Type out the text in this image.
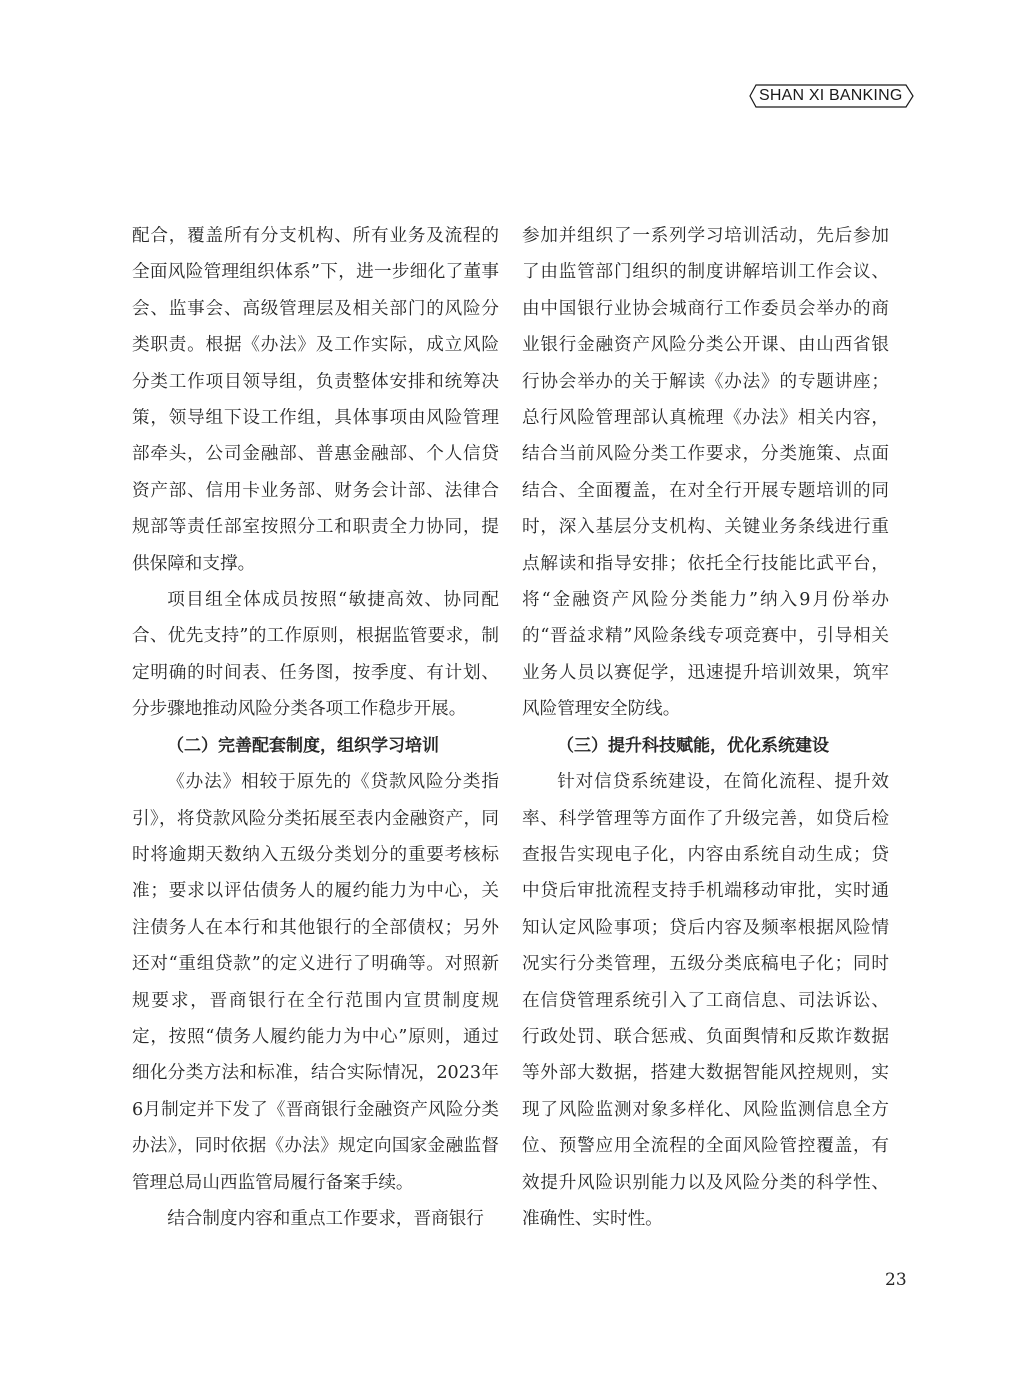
SHAN XI BANKING

配合，覆盖所有分支机构、所有业务及流程的全面风险管理组织体系”下，进一步细化了董事会、监事会、高级管理层及相关部门的风险分类职责。根据《办法》及工作实际，成立风险分类工作项目领导组，负责整体安排和统筹决策，领导组下设工作组，具体事项由风险管理部牵头，公司金融部、普惠金融部、个人信贷资产部、信用卡业务部、财务会计部、法律合规部等责任部室按照分工和职责全力协同，提供保障和支撑。

项目组全体成员按照“敏捷高效、协同配合、优先支持”的工作原则，根据监管要求，制定明确的时间表、任务图，按季度、有计划、分步骤地推动风险分类各项工作稳步开展。

（二）完善配套制度，组织学习培训

《办法》相较于原先的《贷款风险分类指引》，将贷款风险分类拓展至表内金融资产，同时将逾期天数纳入五级分类划分的重要考核标准；要求以评估债务人的履约能力为中心，关注债务人在本行和其他银行的全部债权；另外还对“重组贷款”的定义进行了明确等。对照新规要求，晋商银行在全行范围内宣贯制度规定，按照“债务人履约能力为中心”原则，通过细化分类方法和标准，结合实际情况，2023年6月制定并下发了《晋商银行金融资产风险分类办法》，同时依据《办法》规定向国家金融监督管理总局山西监管局履行备案手续。

结合制度内容和重点工作要求，晋商银行

参加并组织了一系列学习培训活动，先后参加了由监管部门组织的制度讲解培训工作会议、由中国银行业协会城商行工作委员会举办的商业银行金融资产风险分类公开课、由山西省银行协会举办的关于解读《办法》的专题讲座；总行风险管理部认真梳理《办法》相关内容，结合当前风险分类工作要求，分类施策、点面结合、全面覆盖，在对全行开展专题培训的同时，深入基层分支机构、关键业务条线进行重点解读和指导安排；依托全行技能比武平台，将“金融资产风险分类能力”纳入9月份举办的“晋益求精”风险条线专项竞赛中，引导相关业务人员以赛促学，迅速提升培训效果，筑牢风险管理安全防线。

（三）提升科技赋能，优化系统建设

针对信贷系统建设，在简化流程、提升效率、科学管理等方面作了升级完善，如贷后检查报告实现电子化，内容由系统自动生成；贷中贷后审批流程支持手机端移动审批，实时通知认定风险事项；贷后内容及频率根据风险情况实行分类管理，五级分类底稿电子化；同时在信贷管理系统引入了工商信息、司法诉讼、行政处罚、联合惩戒、负面舆情和反欺诈数据等外部大数据，搭建大数据智能风控规则，实现了风险监测对象多样化、风险监测信息全方位、预警应用全流程的全面风险管控覆盖，有效提升风险识别能力以及风险分类的科学性、准确性、实时性。

23
